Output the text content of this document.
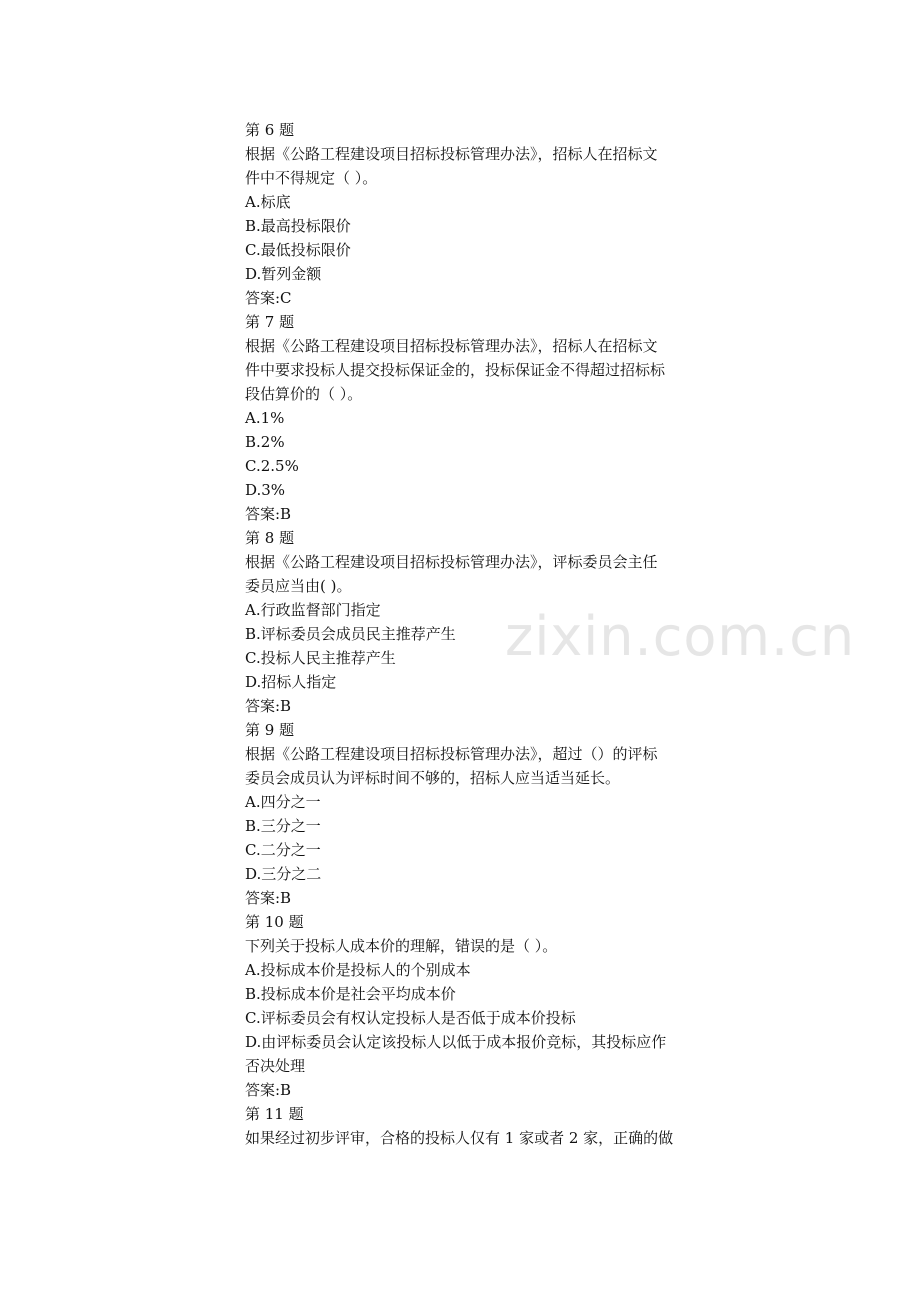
zixin.com.cn
第 6 题
根据《公路工程建设项目招标投标管理办法》，招标人在招标文
件中不得规定（ ）。
A.标底
B.最高投标限价
C.最低投标限价
D.暂列金额
答案:C
第 7 题
根据《公路工程建设项目招标投标管理办法》，招标人在招标文
件中要求投标人提交投标保证金的，投标保证金不得超过招标标
段估算价的（ ）。
A.1%
B.2%
C.2.5%
D.3%
答案:B
第 8 题
根据《公路工程建设项目招标投标管理办法》，评标委员会主任
委员应当由( )。
A.行政监督部门指定
B.评标委员会成员民主推荐产生
C.投标人民主推荐产生
D.招标人指定
答案:B
第 9 题
根据《公路工程建设项目招标投标管理办法》，超过（）的评标
委员会成员认为评标时间不够的，招标人应当适当延长。
A.四分之一
B.三分之一
C.二分之一
D.三分之二
答案:B
第 10 题
下列关于投标人成本价的理解，错误的是（ ）。
A.投标成本价是投标人的个别成本
B.投标成本价是社会平均成本价
C.评标委员会有权认定投标人是否低于成本价投标
D.由评标委员会认定该投标人以低于成本报价竞标，其投标应作
否决处理
答案:B
第 11 题
如果经过初步评审，合格的投标人仅有 1 家或者 2 家，正确的做
